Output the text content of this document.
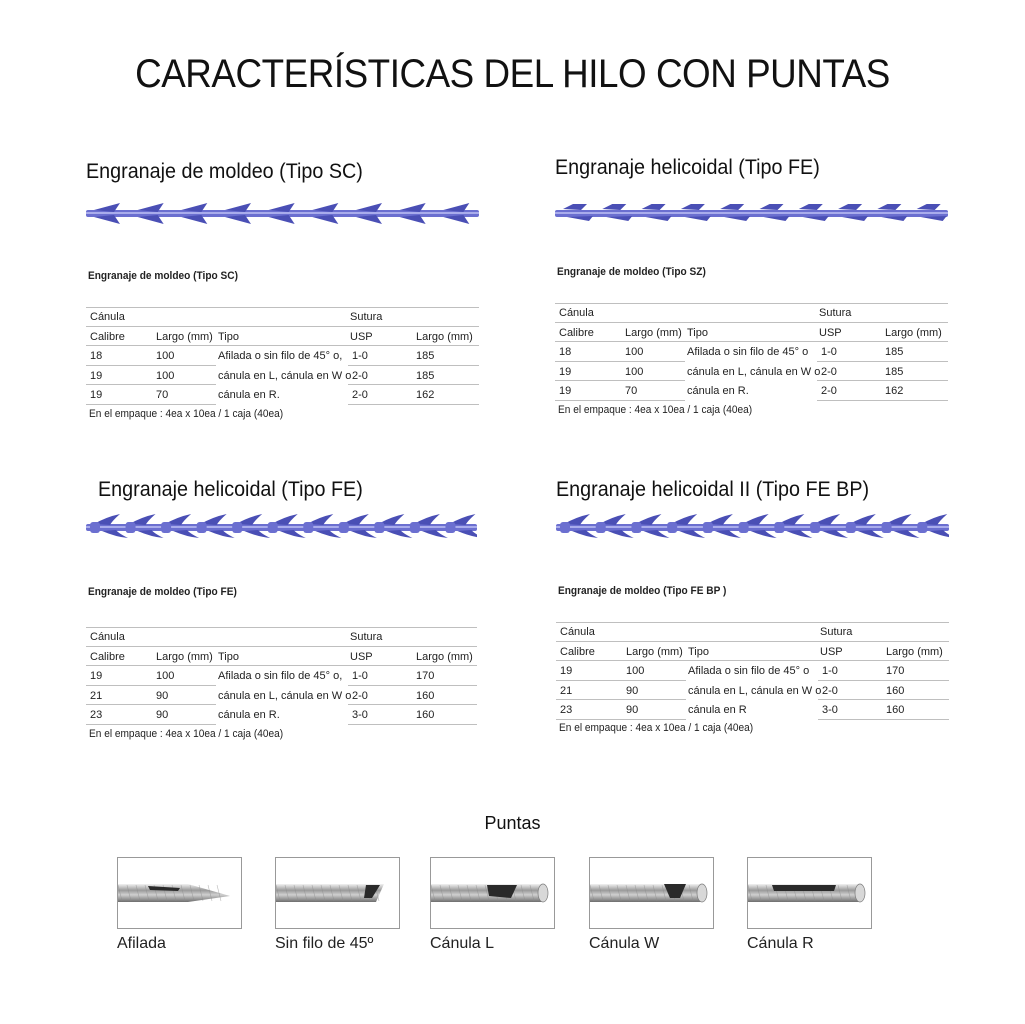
CARACTERÍSTICAS DEL HILO CON PUNTAS
Engranaje de moldeo (Tipo SC)
Engranaje de moldeo (Tipo SC)
Cánula	Sutura
Calibre	Largo (mm) Tipo	USP	Largo (mm)
18	100	Afilada o sin filo de 45° o, 1-0	185
19	100	cánula en L, cánula en W o 2-0	185
19	70	cánula en R.	2-0	162
En el empaque : 4ea x 10ea / 1 caja (40ea)
Engranaje helicoidal (Tipo FE)
Engranaje de moldeo (Tipo SZ)
Cánula	Sutura
Calibre	Largo (mm) Tipo	USP	Largo (mm)
18	100	Afilada o sin filo de 45° o 1-0	185
19	100	cánula en L, cánula en W o 2-0	185
19	70	cánula en R.	2-0	162
En el empaque : 4ea x 10ea / 1 caja (40ea)
Engranaje helicoidal (Tipo FE)
Engranaje de moldeo (Tipo FE)
Cánula	Sutura
Calibre	Largo (mm) Tipo	USP	Largo (mm)
19	100	Afilada o sin filo de 45° o, 1-0	170
21	90	cánula en L, cánula en W o 2-0	160
23	90	cánula en R.	3-0	160
En el empaque : 4ea x 10ea / 1 caja (40ea)
Engranaje helicoidal II (Tipo FE BP)
Engranaje de moldeo (Tipo FE BP )
Cánula	Sutura
Calibre	Largo (mm) Tipo	USP	Largo (mm)
19	100	Afilada o sin filo de 45° o 1-0	170
21	90	cánula en L, cánula en W o 2-0	160
23	90	cánula en R	3-0	160
En el empaque : 4ea x 10ea / 1 caja (40ea)
Puntas
Afilada	Sin filo de 45º	Cánula L	Cánula W	Cánula R
